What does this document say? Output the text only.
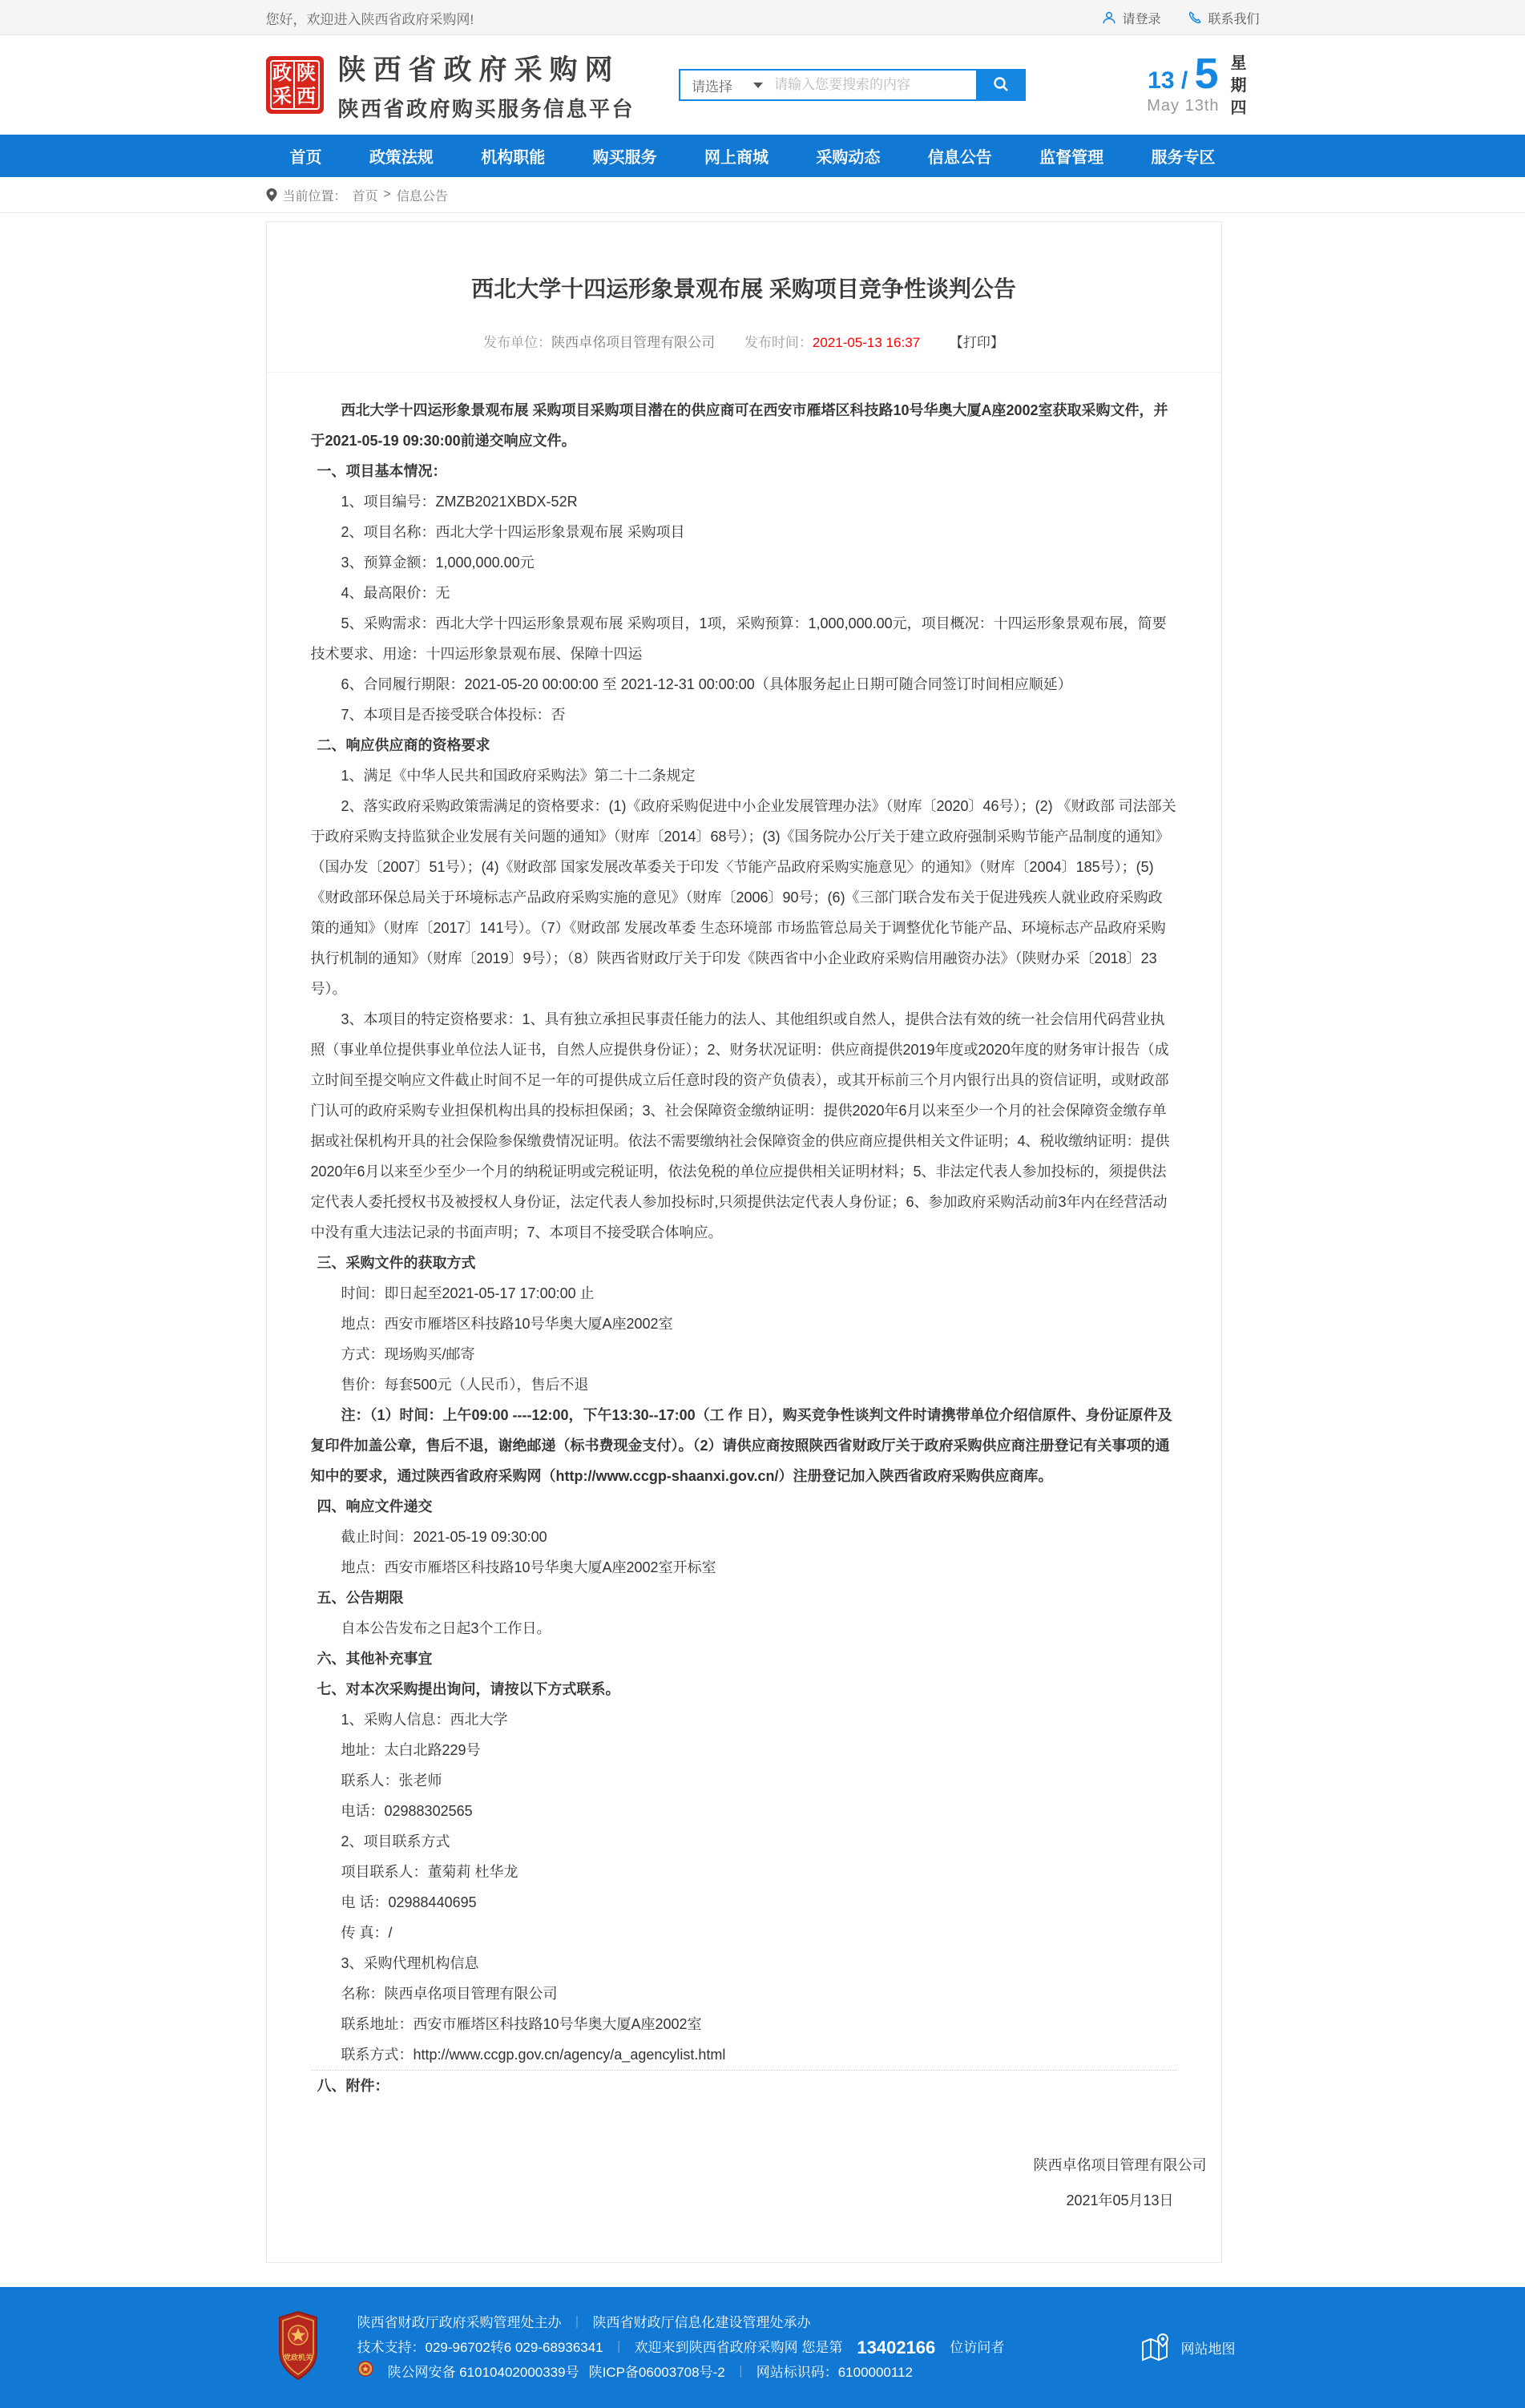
您好，欢迎进入陕西省政府采购网!	请登录	联系我们
政
采
陕
西
陕西省政府采购网
陕西省政府购买服务信息平台
请选择
请输入您要搜索的内容	13 / 5
May 13th
星
期
四
首页	政策法规	机构职能	购买服务	网上商城	采购动态	信息公告	监督管理	服务专区
当前位置： 首页 > 信息公告
西北大学十四运形象景观布展 采购项目竞争性谈判公告
发布单位：陕西卓佲项目管理有限公司 发布时间：2021-05-13 16:37 【打印】

西北大学十四运形象景观布展 采购项目采购项目潜在的供应商可在西安市雁塔区科技路10号华奥大厦A座2002室获取采购文件，并于2021-05-19 09:30:00前递交响应文件。

一、项目基本情况：

1、项目编号：ZMZB2021XBDX-52R

2、项目名称：西北大学十四运形象景观布展 采购项目

3、预算金额：1,000,000.00元

4、最高限价：无

5、采购需求：西北大学十四运形象景观布展 采购项目，1项，采购预算：1,000,000.00元，项目概况：十四运形象景观布展，简要技术要求、用途：十四运形象景观布展、保障十四运

6、合同履行期限：2021-05-20 00:00:00 至 2021-12-31 00:00:00（具体服务起止日期可随合同签订时间相应顺延）

7、本项目是否接受联合体投标：否

二、响应供应商的资格要求

1、满足《中华人民共和国政府采购法》第二十二条规定

2、落实政府采购政策需满足的资格要求：(1)《政府采购促进中小企业发展管理办法》（财库〔2020〕46号）；(2) 《财政部 司法部关于政府采购支持监狱企业发展有关问题的通知》（财库〔2014〕68号）；(3)《国务院办公厅关于建立政府强制采购节能产品制度的通知》（国办发〔2007〕51号）；(4)《财政部 国家发展改革委关于印发〈节能产品政府采购实施意见〉的通知》（财库〔2004〕185号）；(5)《财政部环保总局关于环境标志产品政府采购实施的意见》（财库〔2006〕90号；(6)《三部门联合发布关于促进残疾人就业政府采购政策的通知》（财库〔2017〕141号）。（7）《财政部 发展改革委 生态环境部 市场监管总局关于调整优化节能产品、环境标志产品政府采购执行机制的通知》（财库〔2019〕9号）；（8）陕西省财政厅关于印发《陕西省中小企业政府采购信用融资办法》（陕财办采〔2018〕23号）。

3、本项目的特定资格要求：1、具有独立承担民事责任能力的法人、其他组织或自然人，提供合法有效的统一社会信用代码营业执照（事业单位提供事业单位法人证书，自然人应提供身份证）；2、财务状况证明：供应商提供2019年度或2020年度的财务审计报告（成立时间至提交响应文件截止时间不足一年的可提供成立后任意时段的资产负债表），或其开标前三个月内银行出具的资信证明，或财政部门认可的政府采购专业担保机构出具的投标担保函；3、社会保障资金缴纳证明：提供2020年6月以来至少一个月的社会保障资金缴存单据或社保机构开具的社会保险参保缴费情况证明。依法不需要缴纳社会保障资金的供应商应提供相关文件证明；4、税收缴纳证明：提供2020年6月以来至少至少一个月的纳税证明或完税证明，依法免税的单位应提供相关证明材料；5、非法定代表人参加投标的，须提供法定代表人委托授权书及被授权人身份证，法定代表人参加投标时,只须提供法定代表人身份证；6、参加政府采购活动前3年内在经营活动中没有重大违法记录的书面声明；7、本项目不接受联合体响应。

三、采购文件的获取方式

时间：即日起至2021-05-17 17:00:00 止

地点：西安市雁塔区科技路10号华奥大厦A座2002室

方式：现场购买/邮寄

售价：每套500元（人民币），售后不退

注：（1）时间：上午09:00 ----12:00，下午13:30--17:00（工 作 日），购买竞争性谈判文件时请携带单位介绍信原件、身份证原件及复印件加盖公章，售后不退，谢绝邮递（标书费现金支付）。（2）请供应商按照陕西省财政厅关于政府采购供应商注册登记有关事项的通知中的要求，通过陕西省政府采购网（http://www.ccgp-shaanxi.gov.cn/）注册登记加入陕西省政府采购供应商库。

四、响应文件递交

截止时间：2021-05-19 09:30:00

地点：西安市雁塔区科技路10号华奥大厦A座2002室开标室

五、公告期限

自本公告发布之日起3个工作日。

六、其他补充事宜

七、对本次采购提出询问，请按以下方式联系。

1、采购人信息：西北大学

地址：太白北路229号

联系人：张老师

电话：02988302565

2、项目联系方式

项目联系人：董菊莉 杜华龙

电 话：02988440695

传 真：/

3、采购代理机构信息

名称：陕西卓佲项目管理有限公司

联系地址：西安市雁塔区科技路10号华奥大厦A座2002室

联系方式：http://www.ccgp.gov.cn/agency/a_agencylist.html

八、附件：

陕西卓佲项目管理有限公司
2021年05月13日
党政机关
陕西省财政厅政府采购管理处主办 ｜ 陕西省财政厅信息化建设管理处承办
技术支持：029-96702转6 029-68936341 ｜ 欢迎来到陕西省政府采购网 您是第 13402166 位访问者
陕公网安备 61010402000339号 陕ICP备06003708号-2 ｜ 网站标识码：6100000112
网站地图
